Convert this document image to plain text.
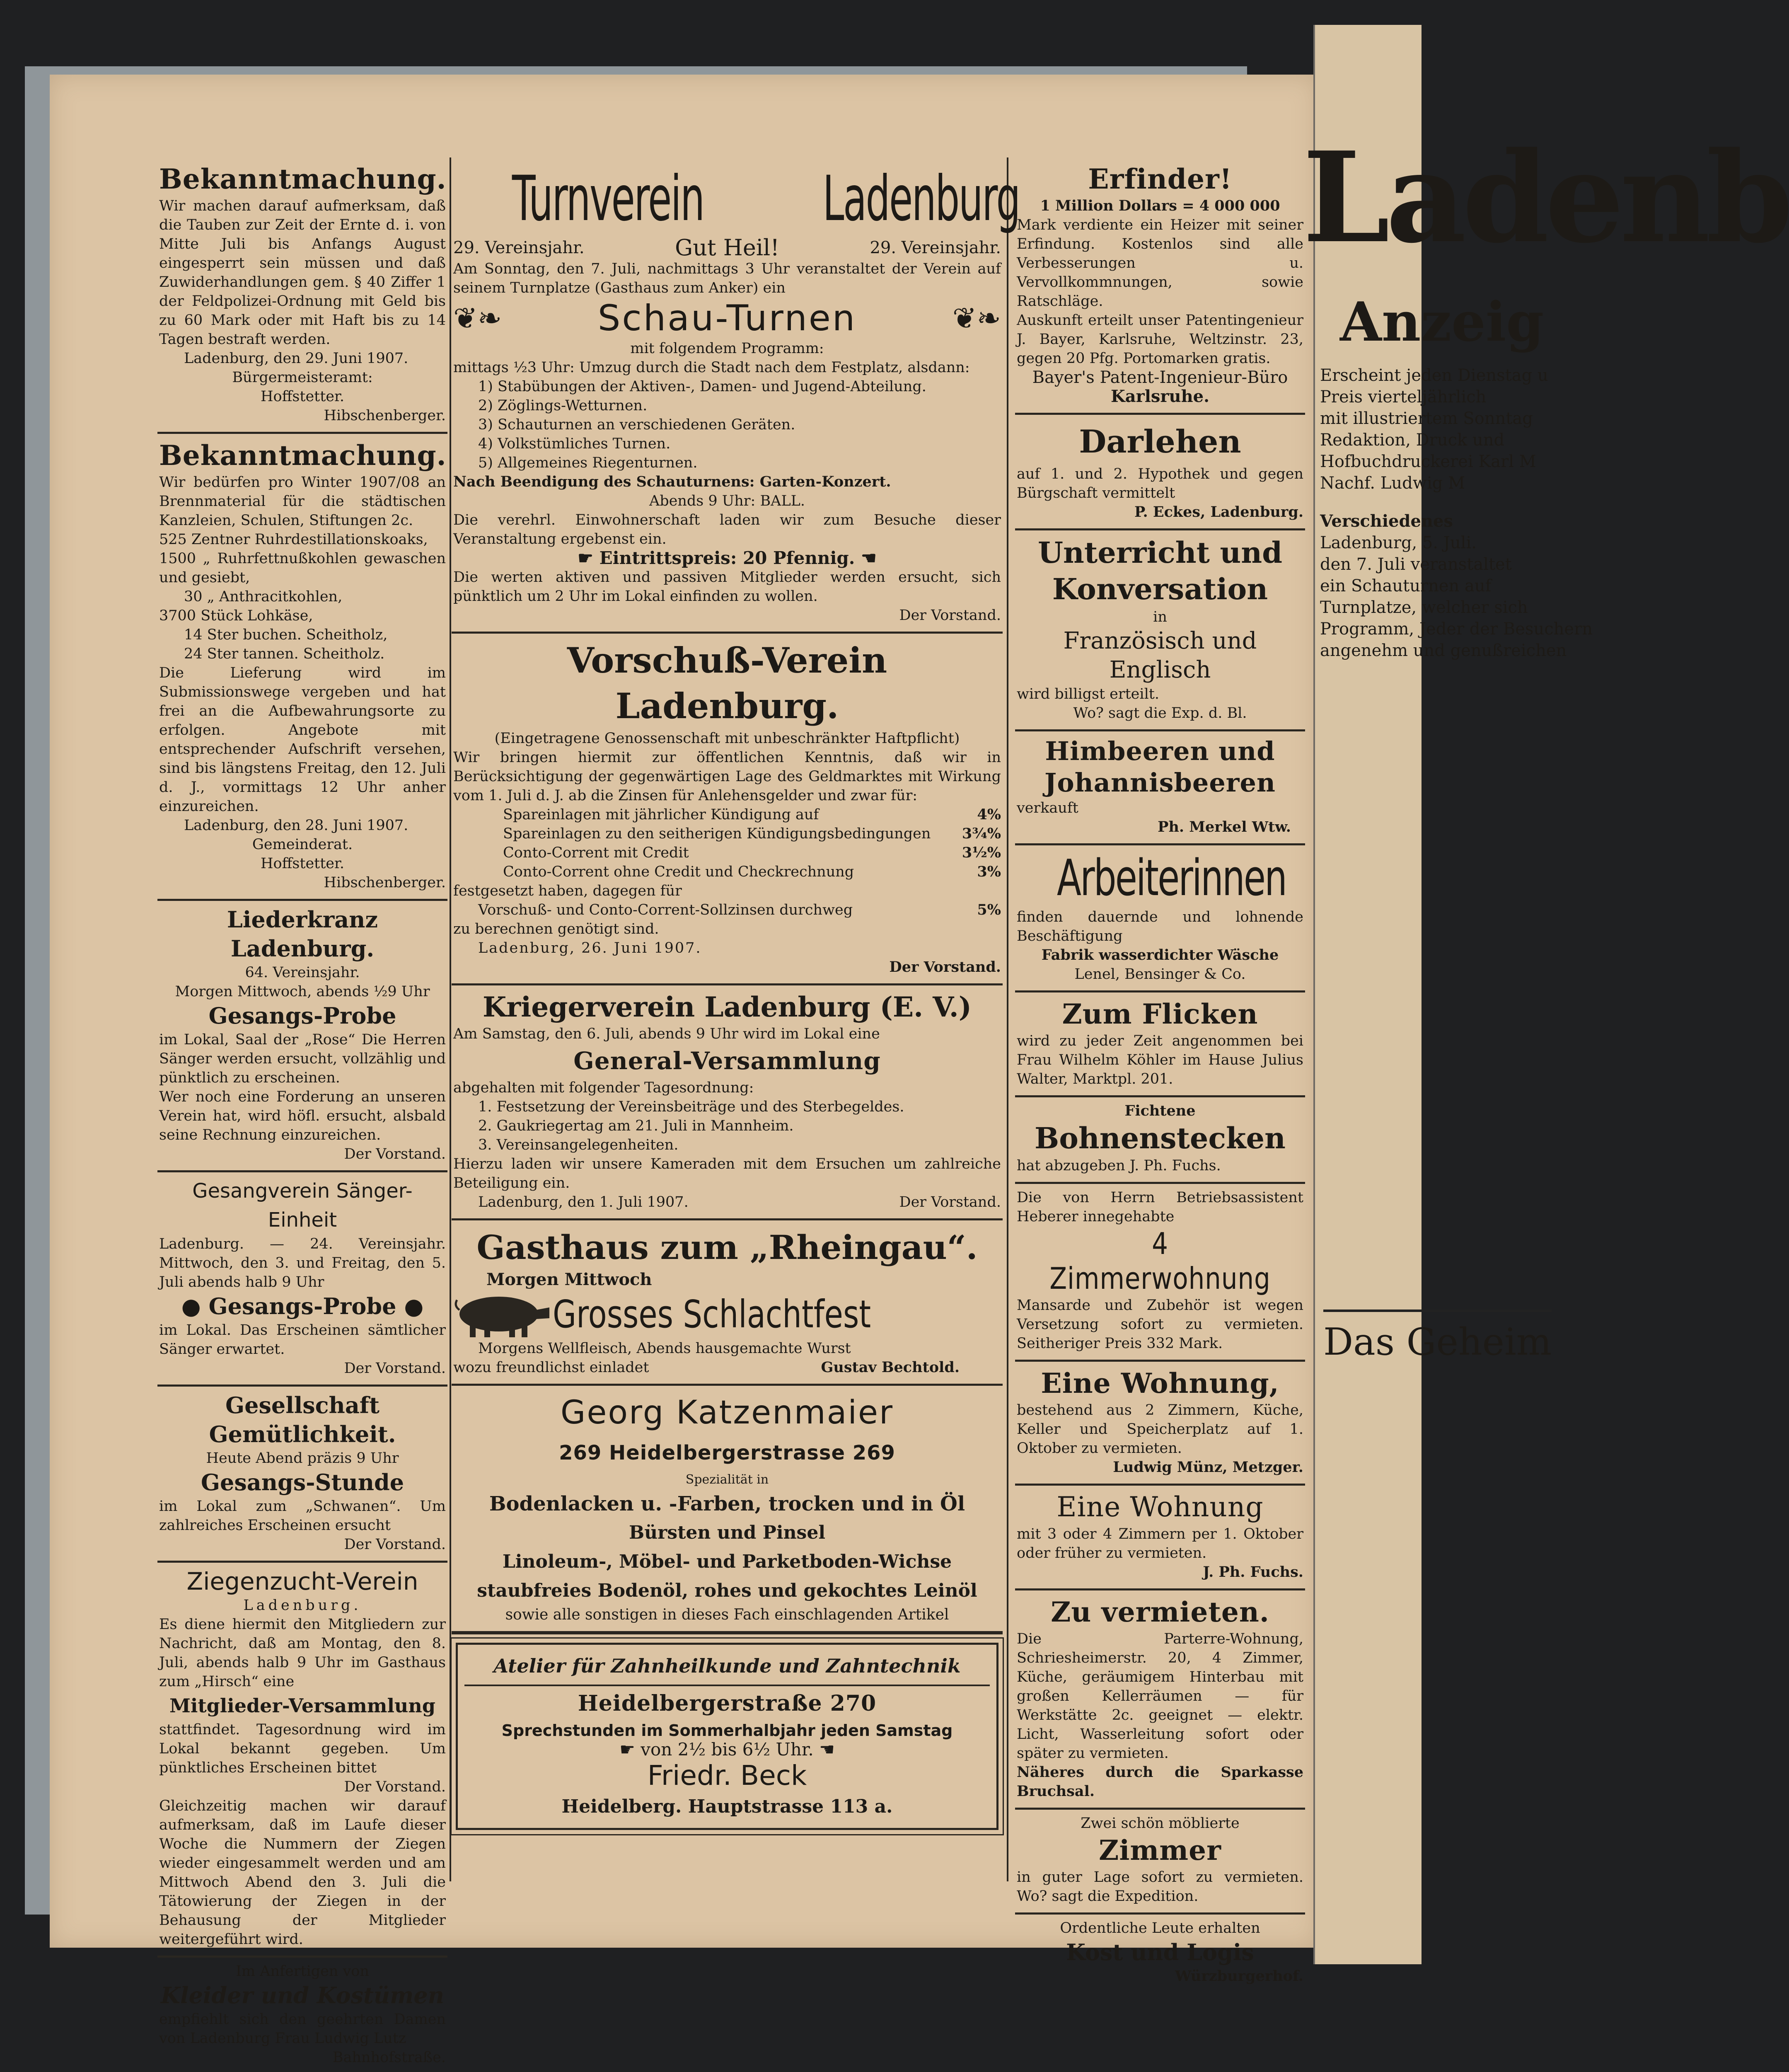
Ladenb
Anzeig
Erscheint jeden Dienstag u
Preis vierteljährlich
mit illustriertem Sonntag
Redaktion, Druck und
Hofbuchdruckerei Karl M
Nachf. Ludwig M
Verschiedenes
Ladenburg, 5. Juli.
den 7. Juli veranstaltet
ein Schauturnen auf
Turnplatze, welcher sich
Programm, Jeder der Besuchern
angenehm und genußreichen
Das Geheim
Bekanntmachung.
Wir machen darauf aufmerksam, daß die Tauben zur Zeit der Ernte d. i. von Mitte Juli bis Anfangs August eingesperrt sein müssen und daß Zuwiderhandlungen gem. § 40 Ziffer 1 der Feldpolizei-Ordnung mit Geld bis zu 60 Mark oder mit Haft bis zu 14 Tagen bestraft werden.
Ladenburg, den 29. Juni 1907.
Bürgermeisteramt:
Hoffstetter.
Hibschenberger.
Bekanntmachung.
Wir bedürfen pro Winter 1907/08 an Brennmaterial für die städtischen Kanzleien, Schulen, Stiftungen 2c.
525 Zentner Ruhrdestillationskoaks,
1500 „ Ruhrfettnußkohlen gewaschen und gesiebt,
30 „ Anthracitkohlen,
3700 Stück Lohkäse,
14 Ster buchen. Scheitholz,
24 Ster tannen. Scheitholz.
Die Lieferung wird im Submissionswege vergeben und hat frei an die Aufbewahrungsorte zu erfolgen. Angebote mit entsprechender Aufschrift versehen, sind bis längstens Freitag, den 12. Juli d. J., vormittags 12 Uhr anher einzureichen.
Ladenburg, den 28. Juni 1907.
Gemeinderat.
Hoffstetter.
Hibschenberger.
Liederkranz Ladenburg.
64. Vereinsjahr.
Morgen Mittwoch, abends ½9 Uhr
Gesangs-Probe
im Lokal, Saal der „Rose“ Die Herren Sänger werden ersucht, vollzählig und pünktlich zu erscheinen.
Wer noch eine Forderung an unseren Verein hat, wird höfl. ersucht, alsbald seine Rechnung einzureichen.
Der Vorstand.
Gesangverein Sänger-Einheit
Ladenburg. — 24. Vereinsjahr. Mittwoch, den 3. und Freitag, den 5. Juli abends halb 9 Uhr
● Gesangs-Probe ●
im Lokal. Das Erscheinen sämtlicher Sänger erwartet.
Der Vorstand.
Gesellschaft Gemütlichkeit.
Heute Abend präzis 9 Uhr
Gesangs-Stunde
im Lokal zum „Schwanen“. Um zahlreiches Erscheinen ersucht
Der Vorstand.
Ziegenzucht-Verein
Ladenburg.
Es diene hiermit den Mitgliedern zur Nachricht, daß am Montag, den 8. Juli, abends halb 9 Uhr im Gasthaus zum „Hirsch“ eine
Mitglieder-Versammlung
stattfindet. Tagesordnung wird im Lokal bekannt gegeben. Um pünktliches Erscheinen bittet
Der Vorstand.
Gleichzeitig machen wir darauf aufmerksam, daß im Laufe dieser Woche die Nummern der Ziegen wieder eingesammelt werden und am Mittwoch Abend den 3. Juli die Tätowierung der Ziegen in der Behausung der Mitglieder weitergeführt wird.
Im Anfertigen von
Kleider und Kostümen
empfiehlt sich den geehrten Damen von Ladenburg Frau Ludwig Lutz
Bahnhofstraße.
Turnverein Ladenburg
29. Vereinsjahr.	Gut Heil!	29. Vereinsjahr.
Am Sonntag, den 7. Juli, nachmittags 3 Uhr veranstaltet der Verein auf seinem Turnplatze (Gasthaus zum Anker) ein
❦❧	Schau-Turnen	❦❧
mit folgendem Programm:
mittags ½3 Uhr: Umzug durch die Stadt nach dem Festplatz, alsdann:
1) Stabübungen der Aktiven-, Damen- und Jugend-Abteilung.
2) Zöglings-Wetturnen.
3) Schauturnen an verschiedenen Geräten.
4) Volkstümliches Turnen.
5) Allgemeines Riegenturnen.
Nach Beendigung des Schauturnens: Garten-Konzert.
Abends 9 Uhr: BALL.
Die verehrl. Einwohnerschaft laden wir zum Besuche dieser Veranstaltung ergebenst ein.
☛ Eintrittspreis: 20 Pfennig. ☚
Die werten aktiven und passiven Mitglieder werden ersucht, sich pünktlich um 2 Uhr im Lokal einfinden zu wollen.
Der Vorstand.
Vorschuß-Verein Ladenburg.
(Eingetragene Genossenschaft mit unbeschränkter Haftpflicht)
Wir bringen hiermit zur öffentlichen Kenntnis, daß wir in Berücksichtigung der gegenwärtigen Lage des Geldmarktes mit Wirkung vom 1. Juli d. J. ab die Zinsen für Anlehensgelder und zwar für:
Spareinlagen mit jährlicher Kündigung auf	4%
Spareinlagen zu den seitherigen Kündigungsbedingungen	3¾%
Conto-Corrent mit Credit	3½%
Conto-Corrent ohne Credit und Checkrechnung	3%
festgesetzt haben, dagegen für
Vorschuß- und Conto-Corrent-Sollzinsen durchweg	5%
zu berechnen genötigt sind.
Ladenburg, 26. Juni 1907.
Der Vorstand.
Kriegerverein Ladenburg (E. V.)
Am Samstag, den 6. Juli, abends 9 Uhr wird im Lokal eine
General-Versammlung
abgehalten mit folgender Tagesordnung:
1. Festsetzung der Vereinsbeiträge und des Sterbegeldes.
2. Gaukriegertag am 21. Juli in Mannheim.
3. Vereinsangelegenheiten.
Hierzu laden wir unsere Kameraden mit dem Ersuchen um zahlreiche Beteiligung ein.
Ladenburg, den 1. Juli 1907.	Der Vorstand.
Gasthaus zum „Rheingau“.
Morgen Mittwoch
Grosses Schlachtfest
Morgens Wellfleisch, Abends hausgemachte Wurst
wozu freundlichst einladet	Gustav Bechtold.
Georg Katzenmaier
269 Heidelbergerstrasse 269
Spezialität in
Bodenlacken u. -Farben, trocken und in Öl
Bürsten und Pinsel
Linoleum-, Möbel- und Parketboden-Wichse
staubfreies Bodenöl, rohes und gekochtes Leinöl
sowie alle sonstigen in dieses Fach einschlagenden Artikel
Atelier für Zahnheilkunde und Zahntechnik
Heidelbergerstraße 270
Sprechstunden im Sommerhalbjahr jeden Samstag
☛ von 2½ bis 6½ Uhr. ☚
Friedr. Beck
Heidelberg. Hauptstrasse 113 a.
Erfinder!
1 Million Dollars = 4 000 000
Mark verdiente ein Heizer mit seiner Erfindung. Kostenlos sind alle Verbesserungen u. Vervollkommnungen, sowie Ratschläge.
Auskunft erteilt unser Patentingenieur J. Bayer, Karlsruhe, Weltzinstr. 23, gegen 20 Pfg. Portomarken gratis.
Bayer's Patent-Ingenieur-Büro
Karlsruhe.
Darlehen
auf 1. und 2. Hypothek und gegen Bürgschaft vermittelt
P. Eckes, Ladenburg.
Unterricht und Konversation
in
Französisch und Englisch
wird billigst erteilt.
Wo? sagt die Exp. d. Bl.
Himbeeren und Johannisbeeren
verkauft
Ph. Merkel Wtw.
Arbeiterinnen
finden dauernde und lohnende Beschäftigung
Fabrik wasserdichter Wäsche
Lenel, Bensinger & Co.
Zum Flicken
wird zu jeder Zeit angenommen bei Frau Wilhelm Köhler im Hause Julius Walter, Marktpl. 201.
Fichtene
Bohnenstecken
hat abzugeben J. Ph. Fuchs.
Die von Herrn Betriebsassistent Heberer innegehabte
4 Zimmerwohnung
Mansarde und Zubehör ist wegen Versetzung sofort zu vermieten. Seitheriger Preis 332 Mark.
Eine Wohnung,
bestehend aus 2 Zimmern, Küche, Keller und Speicherplatz auf 1. Oktober zu vermieten.
Ludwig Münz, Metzger.
Eine Wohnung
mit 3 oder 4 Zimmern per 1. Oktober oder früher zu vermieten.
J. Ph. Fuchs.
Zu vermieten.
Die Parterre-Wohnung, Schriesheimerstr. 20, 4 Zimmer, Küche, geräumigem Hinterbau mit großen Kellerräumen — für Werkstätte 2c. geeignet — elektr. Licht, Wasserleitung sofort oder später zu vermieten.
Näheres durch die Sparkasse Bruchsal.
Zwei schön möblierte
Zimmer
in guter Lage sofort zu vermieten. Wo? sagt die Expedition.
Ordentliche Leute erhalten
Kost und Logis
Würzburgerhof.
